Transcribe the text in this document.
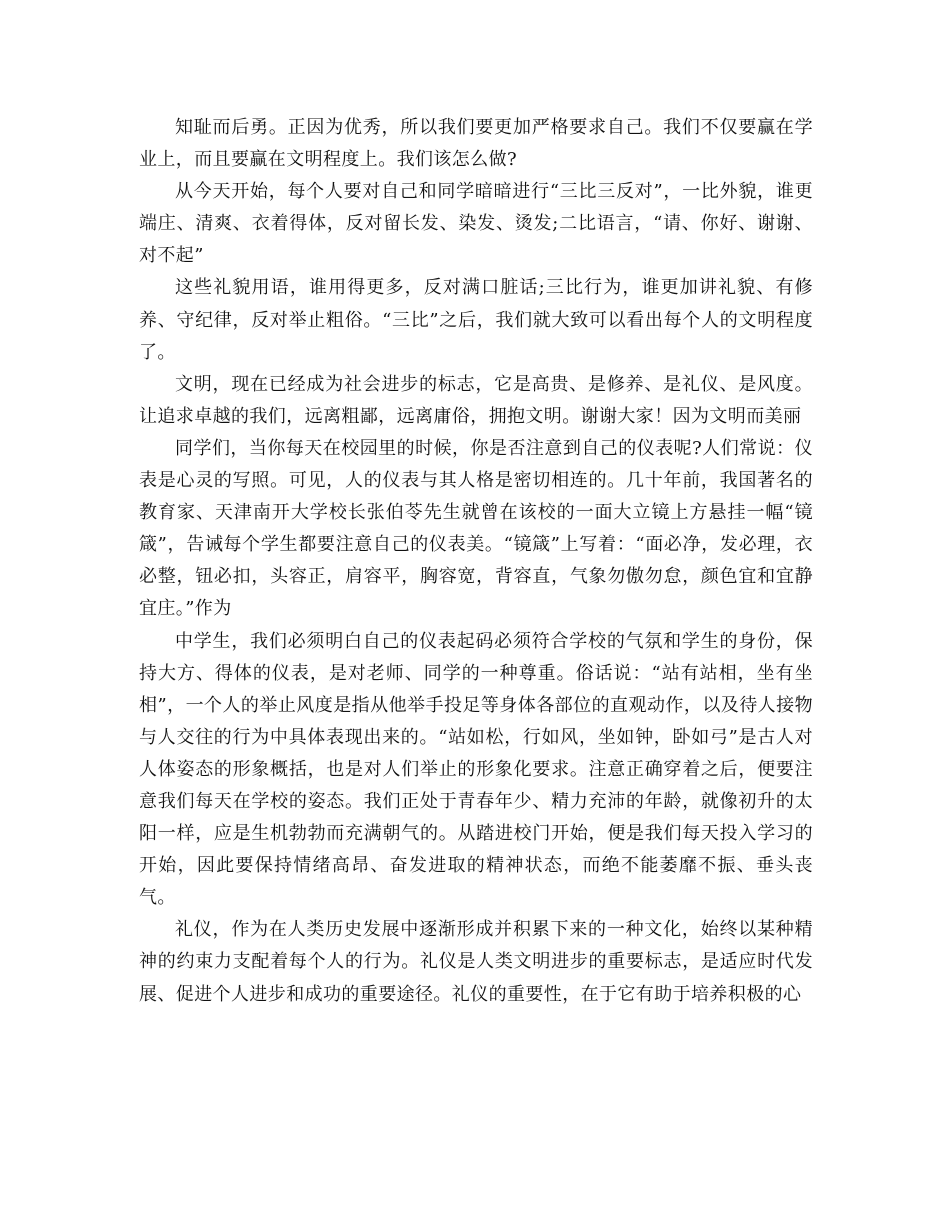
知耻而后勇。正因为优秀，所以我们要更加严格要求自己。我们不仅要赢在学业上，而且要赢在文明程度上。我们该怎么做?

从今天开始，每个人要对自己和同学暗暗进行“三比三反对”，一比外貌，谁更端庄、清爽、衣着得体，反对留长发、染发、烫发;二比语言，“请、你好、谢谢、对不起”

这些礼貌用语，谁用得更多，反对满口脏话;三比行为，谁更加讲礼貌、有修养、守纪律，反对举止粗俗。“三比”之后，我们就大致可以看出每个人的文明程度了。

文明，现在已经成为社会进步的标志，它是高贵、是修养、是礼仪、是风度。让追求卓越的我们，远离粗鄙，远离庸俗，拥抱文明。谢谢大家！因为文明而美丽

同学们，当你每天在校园里的时候，你是否注意到自己的仪表呢?人们常说：仪表是心灵的写照。可见，人的仪表与其人格是密切相连的。几十年前，我国著名的教育家、天津南开大学校长张伯苓先生就曾在该校的一面大立镜上方悬挂一幅“镜箴”，告诫每个学生都要注意自己的仪表美。“镜箴”上写着：“面必净，发必理，衣必整，钮必扣，头容正，肩容平，胸容宽，背容直，气象勿傲勿怠，颜色宜和宜静宜庄。”作为

中学生，我们必须明白自己的仪表起码必须符合学校的气氛和学生的身份，保持大方、得体的仪表，是对老师、同学的一种尊重。俗话说：“站有站相，坐有坐相”，一个人的举止风度是指从他举手投足等身体各部位的直观动作，以及待人接物与人交往的行为中具体表现出来的。“站如松，行如风，坐如钟，卧如弓”是古人对人体姿态的形象概括，也是对人们举止的形象化要求。注意正确穿着之后，便要注意我们每天在学校的姿态。我们正处于青春年少、精力充沛的年龄，就像初升的太阳一样，应是生机勃勃而充满朝气的。从踏进校门开始，便是我们每天投入学习的开始，因此要保持情绪高昂、奋发进取的精神状态，而绝不能萎靡不振、垂头丧气。

礼仪，作为在人类历史发展中逐渐形成并积累下来的一种文化，始终以某种精神的约束力支配着每个人的行为。礼仪是人类文明进步的重要标志，是适应时代发展、促进个人进步和成功的重要途径。礼仪的重要性，在于它有助于培养积极的心
